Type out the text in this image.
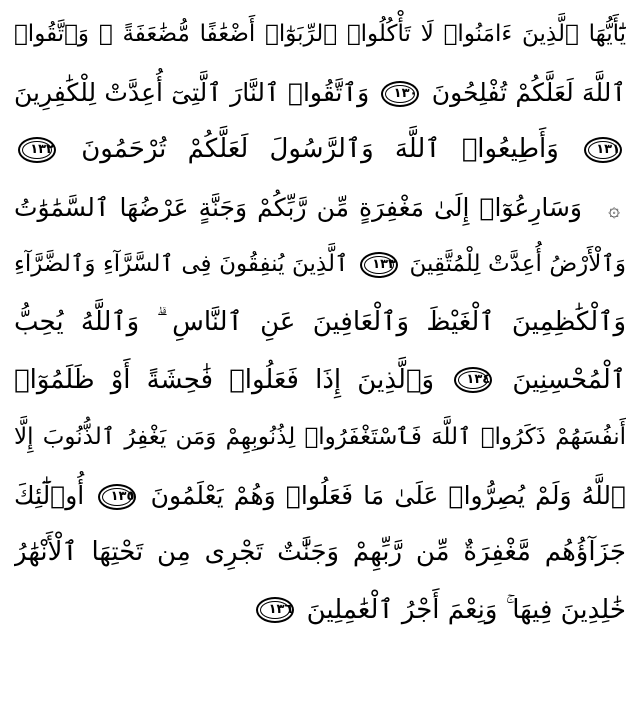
يَٰٓأَيُّهَا ٱلَّذِينَ ءَامَنُوا۟ لَا تَأْكُلُوا۟ ٱلرِّبَوٰٓا۟ أَضْعَٰفًا مُّضَٰعَفَةً ۖ وَٱتَّقُوا۟
ٱللَّهَ لَعَلَّكُمْ تُفْلِحُونَ ١٣٠ وَٱتَّقُوا۟ ٱلنَّارَ ٱلَّتِىٓ أُعِدَّتْ لِلْكَٰفِرِينَ
١٣١ وَأَطِيعُوا۟ ٱللَّهَ وَٱلرَّسُولَ لَعَلَّكُمْ تُرْحَمُونَ ١٣٢
۞ وَسَارِعُوٓا۟ إِلَىٰ مَغْفِرَةٍ مِّن رَّبِّكُمْ وَجَنَّةٍ عَرْضُهَا ٱلسَّمَٰوَٰتُ
وَٱلْأَرْضُ أُعِدَّتْ لِلْمُتَّقِينَ ١٣٣ ٱلَّذِينَ يُنفِقُونَ فِى ٱلسَّرَّآءِ وَٱلضَّرَّآءِ
وَٱلْكَٰظِمِينَ ٱلْغَيْظَ وَٱلْعَافِينَ عَنِ ٱلنَّاسِ ۗ وَٱللَّهُ يُحِبُّ
ٱلْمُحْسِنِينَ ١٣٤ وَٱلَّذِينَ إِذَا فَعَلُوا۟ فَٰحِشَةً أَوْ ظَلَمُوٓا۟
أَنفُسَهُمْ ذَكَرُوا۟ ٱللَّهَ فَٱسْتَغْفَرُوا۟ لِذُنُوبِهِمْ وَمَن يَغْفِرُ ٱلذُّنُوبَ إِلَّا
ٱللَّهُ وَلَمْ يُصِرُّوا۟ عَلَىٰ مَا فَعَلُوا۟ وَهُمْ يَعْلَمُونَ ١٣٥ أُو۟لَٰٓئِكَ
جَزَآؤُهُم مَّغْفِرَةٌ مِّن رَّبِّهِمْ وَجَنَّٰتٌ تَجْرِى مِن تَحْتِهَا ٱلْأَنْهَٰرُ
خَٰلِدِينَ فِيهَا ۚ وَنِعْمَ أَجْرُ ٱلْعَٰمِلِينَ ١٣٦
